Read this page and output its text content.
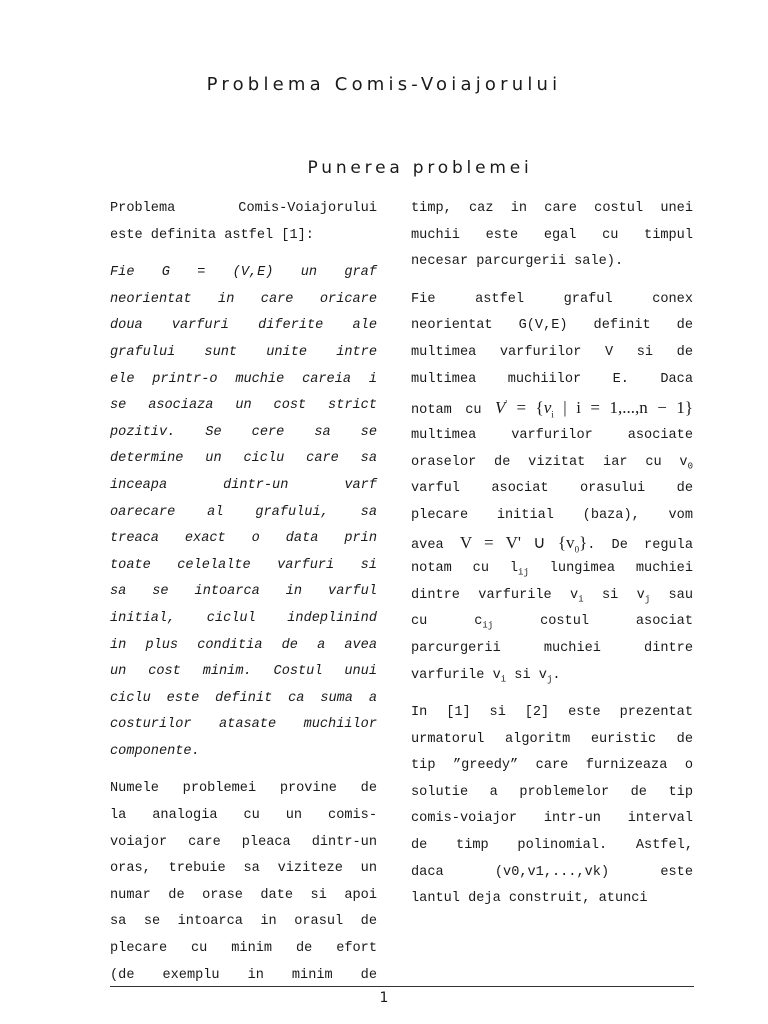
Problema Comis-Voiajorului
Punerea problemei
Problema Comis-Voiajorului
este definita astfel [1]:
Fie G = (V,E) un graf
neorientat in care oricare
doua varfuri diferite ale
grafului sunt unite intre
ele printr-o muchie careia i
se asociaza un cost strict
pozitiv. Se cere sa se
determine un ciclu care sa
inceapa dintr-un varf
oarecare al grafului, sa
treaca exact o data prin
toate celelalte varfuri si
sa se intoarca in varful
initial, ciclul indeplinind
in plus conditia de a avea
un cost minim. Costul unui
ciclu este definit ca suma a
costurilor atasate muchiilor
componente.
Numele problemei provine de
la analogia cu un comis-
voiajor care pleaca dintr-un
oras, trebuie sa viziteze un
numar de orase date si apoi
sa se intoarca in orasul de
plecare cu minim de efort
(de exemplu in minim de
timp, caz in care costul unei
muchii este egal cu timpul
necesar parcurgerii sale).
Fie astfel graful conex
neorientat G(V,E) definit de
multimea varfurilor V si de
multimea muchiilor E. Daca
notam cu $V' = \{v_i$ | i = 1,...,n − 1}
multimea varfurilor asociate
oraselor de vizitat iar cu $v_0$
varful asociat orasului de
plecare initial (baza), vom
avea V = V' ∪ $\{v_0\}$. De regula
notam cu $l_{ij}$ lungimea muchiei
dintre varfurile $v_i$ si $v_j$ sau
cu	$c_{ij}$	costul	asociat
parcurgerii muchiei dintre
varfurile $v_i$ si $v_j$.
In [1] si [2] este prezentat
urmatorul algoritm euristic de
tip ”greedy” care furnizeaza o
solutie a problemelor de tip
comis-voiajor intr-un interval
de timp polinomial. Astfel,
daca	(v0,v1,...,vk)	este
lantul deja construit, atunci
1
